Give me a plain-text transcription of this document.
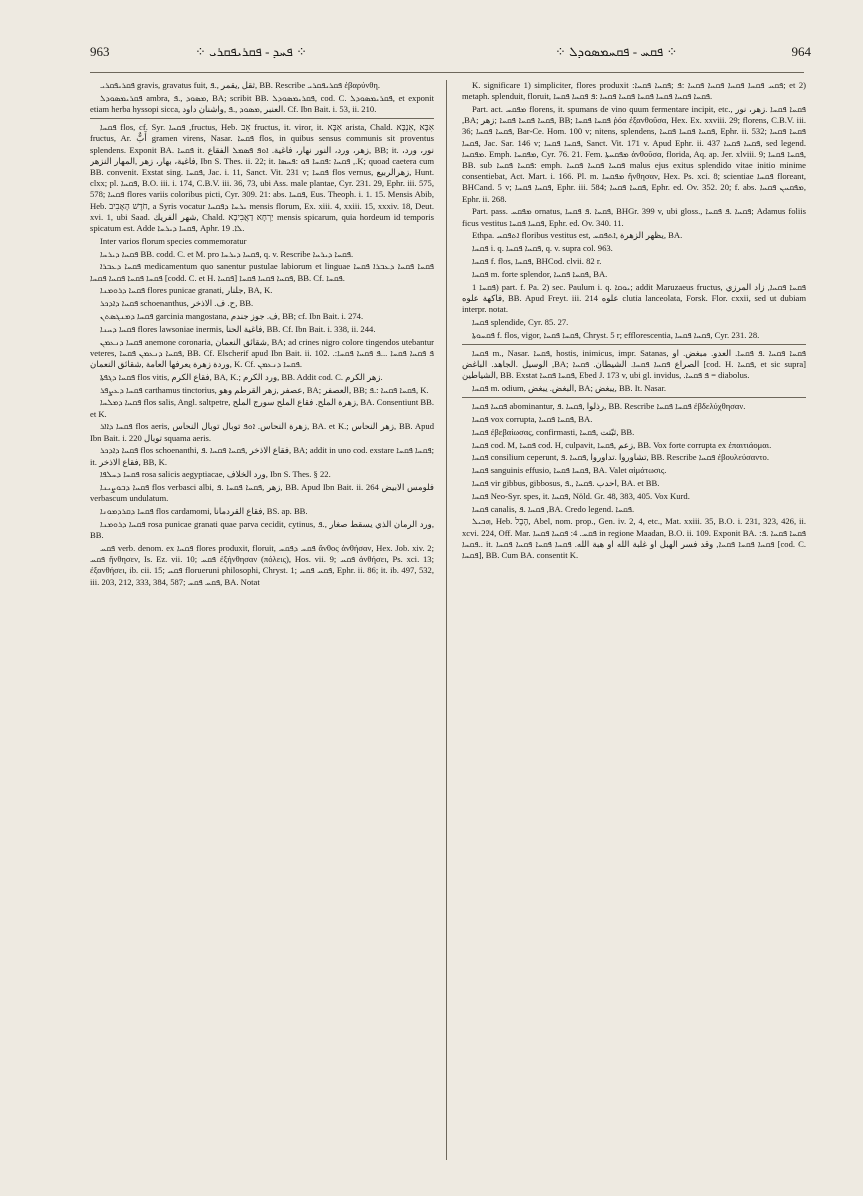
963	⁘ ܦܚܕ - ܦܩܪܝܦܩܪܝ ⁘	⁘ ܦܩܚ - ܦܩܚܡܣܘܕܠ ⁘	964

ܦܩܪܝܦܩܪܝ gravis, gravatus fuit, ثقل ,يقمر ,.ܦ, BB. Rescribe ܦܩܪܝܦܩܪܝ ἐβαρύνθη.

ܦܩܪܝܡܣܘܕܠ ambra, ܡܣܘܕ ,.ܦ, BA; scribit BB. ܦܩܪܝܡܣܘܕܠ, cod. C. ܦܩܪܝܡܣܘܕܠ, et exponit etiam herba hyssopi sicca, العنبر ,ܡܣܘܕ ,.ܦ ,واشنان داود. Cf. Ibn Bait. i. 53, ii. 210.

ܦܩܚܐ flos, cf. Syr. ܦܩܚܐ ,fructus, Heb. אֵב fructus, it. viror, it. אִבָּא arista, Chald. אִבָּא ,אִנְבָּא fructus, Ar. أَبٌّ gramen virens, Nasar. ܦܩܚܐ flos, in quibus sensus communis sit proventus splendens. Exponit BA. ܦܩܚܐ it. زهر، ورد، النور نهار، فاغية. ܐܘܦ ܦܣܡܠ الفقاع, BB; it. نور، ورد، فاغية، بهار، زهر ,المهار النزهر, Ibn S. Thes. ii. 22; it. ܦܩܚܐ :ܦܩܚܐ ܦܘ :ܦܚܣܐ ,.K; quoad caetera cum BB. convenit. Exstat sing. ܦܩܚܐ, Jac. i. 11, Sanct. Vit. 231 v; ܦܩܚܐ flos vernus, زهرالربيع, Hunt. clxx; pl. ܦܩܚܐ, B.O. iii. i. 174, C.B.V. iii. 36, 73, ubi Ass. male plantae, Cyr. 231. 29, Ephr. iii. 575, 578; ܦܩܚܐ flores variis coloribus picti, Cyr. 309. 21: abs. ܦܩܚܐ, Eus. Theoph. i. 1. 15. Mensis Abib, Heb. חֹדֶשׁ הָאָבִיב, a Syris vocatur ܝܪܚܐ ܕܦܩܚܐ mensis florum, Ex. xiii. 4, xxiii. 15, xxxiv. 18, Deut. xvi. 1, ubi Saad. شهر الفريك, Chald. יַרְחָא דַאֲבִיבָא mensis spicarum, quia hordeum id temporis spicatum est. Adde ܦܩܚܐ ܕܝܪܚܐ, Aphr. ܠܐ. 19.

Inter varios florum species commemoratur

ܦܩܚܐ ܕܝܪܚܐ BB. codd. C. et M. pro ܦܩܚܐ ܕܝܪܚܐ, q. v. Rescribe ܦܩܚܐ ܕܝܪܚܐ.

ܦܩܚܐ ܕܥܒܪܐ medicamentum quo sanentur pustulae labiorum et linguae ܦܩܚܐ ܦܩܚܐ ܕܥܒܪܐ ܦܩܚܐ ܦܩܚܐ ܦܩܚܐ ܦܩܚܐ ܦܩܚܐ [codd. C. et H. ܦܩܚܐ] ܦܩܚܐ ܦܩܚܐ ܦܩܚܐ, BB. Cf. ܦܩܚܐ.

ܦܩܚܐ ܕܪܘܡܢܐ flores punicae granati, جلنار, BA, K.

ܦܩܚܐ ܕܐܕܟܪ schoenanthus, ح. ف. الاذخر, BB.

ܦܩܚܐ ܕܡܢܓܣܬܢ garcinia mangostana, ف. جوز جندم, BB; cf. Ibn Bait. i. 274.

ܦܩܚܐ ܕܚܢܐ flores lawsoniae inermis, فاغية الحنا, BB. Cf. Ibn Bait. i. 338, ii. 244.

ܦܩܚܐ ܕܢܥܡܢ anemone coronaria, شقائق النعمان, BA; ad crines nigro colore tingendos utebantur veteres, ܦܩܚܐ ܕܢܥܡܢ ܦܩܚܐ, BB. Cf. Elscherif apud Ibn Bait. ii. 102. .ܦ ܦܩܚܐ ܦܩܚܐ ...ܦ ܦܩܚܐ ܦܩܚܐ: وردة زهرة يعرفها العامة ,شقائق النعمان, K. Cf. ܦܩܚܐ ܕܢܥܡܢ.

ܦܩܚܐ ܕܓܦܬܐ flos vitis, فقاع الكرم, BA, K.; ورد الكرم, BB. Addit cod. C. زهر الكرم.

ܦܩܚܐ ܕܥܨܦܪ carthamus tinctorius, عصفر ,زهر القرطم وهو, BA; العصفر, BB; ܦܩܚܐ ܦܩܚܐ :.ܦ, K.

ܦܩܚܐ ܕܡܠܚܐ flos salis, Angl. saltpetre, زهرة الملح. فقاع الملح سورج الملح, BA. Consentiunt BB. et K.

ܦܩܚܐ ܕܐܐܪ flos aeris, زهرة النحاس. ܐܘܦ توبال توبال النحاس, BA. et K.; زهر النحاس, BB. Apud Ibn Bait. i. 220 توبال squama aeris.

ܦܩܚܐ ܕܐܕܟܪ flos schoenanthi, فقاع الاذخر ,ܦܩܚܐ ܦܩܚܐ .ܦ, BA; addit in uno cod. exstare ܦܩܚܐ ܦܩܚܐ; it. فقاع الاذخر, BB, K.

ܦܩܚܐ ܕܚܠܦܐ rosa salicis aegyptiacae, ورد الخلاف, Ibn S. Thes. § 22.

ܦܩܚܐ ܕܒܘܨܝܢܐ flos verbasci albi, زهر ,ܦܩܚܐ ܦܩܚܐ .ܦ, BB. Apud Ibn Bait. ii. 264 فلومس الابيض verbascum undulatum.

ܦܩܚܐ ܕܩܪܕܡܘܢܐ flos cardamomi, فقاع القردمانا, BS. ap. BB.

ܦܩܚܐ ܕܪܘܡܢܐ rosa punicae granati quae parva cecidit, cytinus, ورد الرمان الذي يسقط صغار ,.ܦ, BB.

ܦܩܚ verb. denom. ex ܦܩܚܐ flores produxit, floruit, ܦܩܚ ܕܦܩܚ ἄνθος ἀνθήσαν, Hex. Job. xiv. 2; ܦܩܚ ἤνθησεν, Is. Ez. vii. 10; ܦܩܚ ἐξήνθησαν (πόλεις), Hos. vii. 9; ܦܩܚ ἀνθήσει, Ps. xci. 13; ἐξανθήσει, ib. cii. 15; ܦܩܚ florueruni philosophi, Chryst. 1; ܦܩܚ ܦܩܚ, Ephr. ii. 86; it. ib. 497, 532, iii. 203, 212, 333, 384, 587; ܦܩܚ ܦܩܚ, BA. Notat

K. significare 1) simpliciter, flores produxit :ܦܩܚ ܦܩܚܐ ܦܩܚܐ ܦܩܚܐ ܦܩܚܐ :ܦ ;ܦܩܚܐ ܦܩܚܐ; et 2) metaph. splenduit, floruit, ܦܩܚܐ ܦܩܚܐ ܦܩܚܐ ܦܩܚܐ ܦܩܚܐ ܦܩܚܐ :ܦ ܦܩܚܐ ܦܩܚܐ.

Part. act. ܡܦܩܚ florens, it. spumans de vino quum fermentare incipit, etc., ܦܩܚܐ ܦܩܚܐ .زهر، نور ,BA; ܦܩܚܐ ܦܩܚܐ ܦܩܚܐ ;زهر, BB; ܦܩܚܐ ܦܩܚܐ ῥόα ἐξανθοῦσα, Hex. Ex. xxviii. 29; florens, C.B.V. iii. 36; ܦܩܚܐ ܦܩܚܐ, Bar-Ce. Hom. 100 v; nitens, splendens, ܦܩܚܐ ܦܩܚܐ ܦܩܚܐ, Ephr. ii. 532; ܦܩܚܐ ܦܩܚܐ ܦܩܚܐ, Jac. Sar. 146 v; ܦܩܚܐ ܦܩܚܐ, Sanct. Vit. 171 v. Apud Ephr. ii. 437 ܦܩܚܐ ܦܩܚܐ, sed legend. ܡܦܩܚܐ. Emph. ܡܦܩܚܐ, Cyr. 76. 21. Fem. ܡܦܩܚܬܐ ἀνθοῦσα, florida, Aq. ap. Jer. xlviii. 9; ܦܩܚܐ ܦܩܚܐ, BB. sub ܦܩܚܐ ܦܩܚܐ: emph. ܦܩܚܐ ܦܩܚܐ ܦܩܚܐ malus ejus exitus splendido vitae initio minime consentiebat, Act. Mart. i. 166. Pl. m. ܡܦܩܚܐ ἤνθησαν, Hex. Ps. xci. 8; scientiae ܦܩܚܐ floreant, BHCand. 5 v; ܦܩܚܐ ܦܩܚܐ, Ephr. iii. 584; ܦܩܚܐ ܦܩܚܐ, Ephr. ed. Ov. 352. 20; f. abs. ܡܦܩܚܢ ܦܩܚܐ, Ephr. ii. 268.

Part. pass. ܡܦܩܚ ornatus, ܦܩܚܐ .ܦ ܦܩܚܐ, BHGr. 399 v, ubi gloss., ܦܩܚܐ .ܦ ܦܩܚܐ; Adamus foliis ficus vestitus ܦܩܚܐ ܦܩܚܐ, Ephr. ed. Ov. 340. 11.

Ethpa. ܐܬܦܩܚ floribus vestitus est, يظهر الزهرة ,ܐܬܦܩܚ, BA.

ܦܩܚܐ i. q. ܦܩܚܐ ܦܩܚܐ, q. v. supra col. 963.

ܦܩܚܐ f. flos, ܦܩܚܐ, BHCod. clvii. 82 r.

ܦܩܚܐ m. forte splendor, ܦܩܚܐ ܦܩܚܐ, BA.

ܦܩܚܐ 1) part. f. Pa. 2) sec. Paulum i. q. ܝܘܩܐ; addit Maruzaeus fructus, ܦܩܚܐ ܦܩܚܐ, زاد المرزي فاكهة علوه, BB. Apud Freyt. iii. 214 علوه clutia lanceolata, Forsk. Flor. cxxii, sed ut dubiam interpr. notat.

ܦܩܚܐ splendide, Cyr. 85. 27.

ܦܩܚܘܬܐ f. flos, vigor, ܦܩܚܐ ܦܩܚܐ, Chryst. 5 r; efflorescentia, ܦܩܚܐ ܦܩܚܐ, Cyr. 231. 28.

ܦܩܚܐ m., Nasar. ܦܩܚܐ, hostis, inimicus, impr. Satanas, ܦܩܚܐ ܦܩܚܐ .ܦ ܦܩܚܐ. العدو. مبغض. او الوسيل .الجاهد. الباغض ,BA; الصراع ܦܩܚܐ ܦܩܚܐ. الشيطان. ܦܩܚܐ [cod. H. ܦܩܚܐ, et sic supra] الشياطين, BB. Exstat ܦܩܚܐ ܦܩܚܐ, Ebed J. 173 v, ubi gl. invidus, .ܦ ܦܩܚܐ = diabolus.

ܦܩܚܐ m. odium, البغض. يبغض, BA; يبغض, BB. It. Nasar.

ܦܩܚܐ ܦܩܚܐ abominantur, رذلوا ,ܦܩܚܐ .ܦ, BB. Rescribe ܦܩܚܐ ܦܩܚܐ ἐβδελύχθησαν.

ܦܩܚܐ vox corrupta, ܦܩܚܐ ܦܩܚܐ, BA.

ܦܩܚܐ ἐβεβαίωσας, confirmasti, ثبّتت ,ܦܩܚܐ, BB.

ܦܩܚܐ cod. M, ܦܩܚܐ cod. H, culpavit, زعم ,ܦܩܚܐ, BB. Vox forte corrupta ex ἐπαιτιάομαι.

ܦܩܚܐ consilium ceperunt, تشاوروا .تداوروا ,ܦܩܚܐ .ܦ, BB. Rescribe ܦܩܚܐ ἐβουλεύσαντο.

ܦܩܚܐ sanguinis effusio, ܦܩܚܐ ܦܩܚܐ, BA. Valet αἱμάτωσις.

ܦܩܚܐ vir gibbus, gibbosus, احدب .ܦܩܚܐ ,.ܦ, BA. et BB.

ܦܩܚܐ Neo-Syr. spes, it. ܦܩܚܐ, Nöld. Gr. 48, 383, 405. Vox Kurd.

ܦܩܚܐ canalis, ܦܩܚܐ .ܦ ,BA. Credo legend. ܦܩܚܐ.

ܗܒܝܠ, Heb. הֶבֶל, Abel, nom. prop., Gen. iv. 2, 4, etc., Mat. xxiii. 35, B.O. i. 231, 323, 426, ii. xcvi. 224, Off. Mar. ܦܩܚ. 4: ܦܩܚܐ ܦܩܚܐ in regione Maadan, B.O. ii. 109. Exponit BA. ܦܩܚܐ ܦܩܚܐ .ܦ: .ܦܩܚܐ. it. ܦܩܚܐ ܦܩܚܐ ܦܩܚܐ, وقد فسر الهبل او غلبة الله او هبة الله. ܦܩܚܐ ܦܩܚܐ ܦܩܚܐ ܦܩܚܐ [cod. C. ܦܩܚܐ], BB. Cum BA. consentit K.
